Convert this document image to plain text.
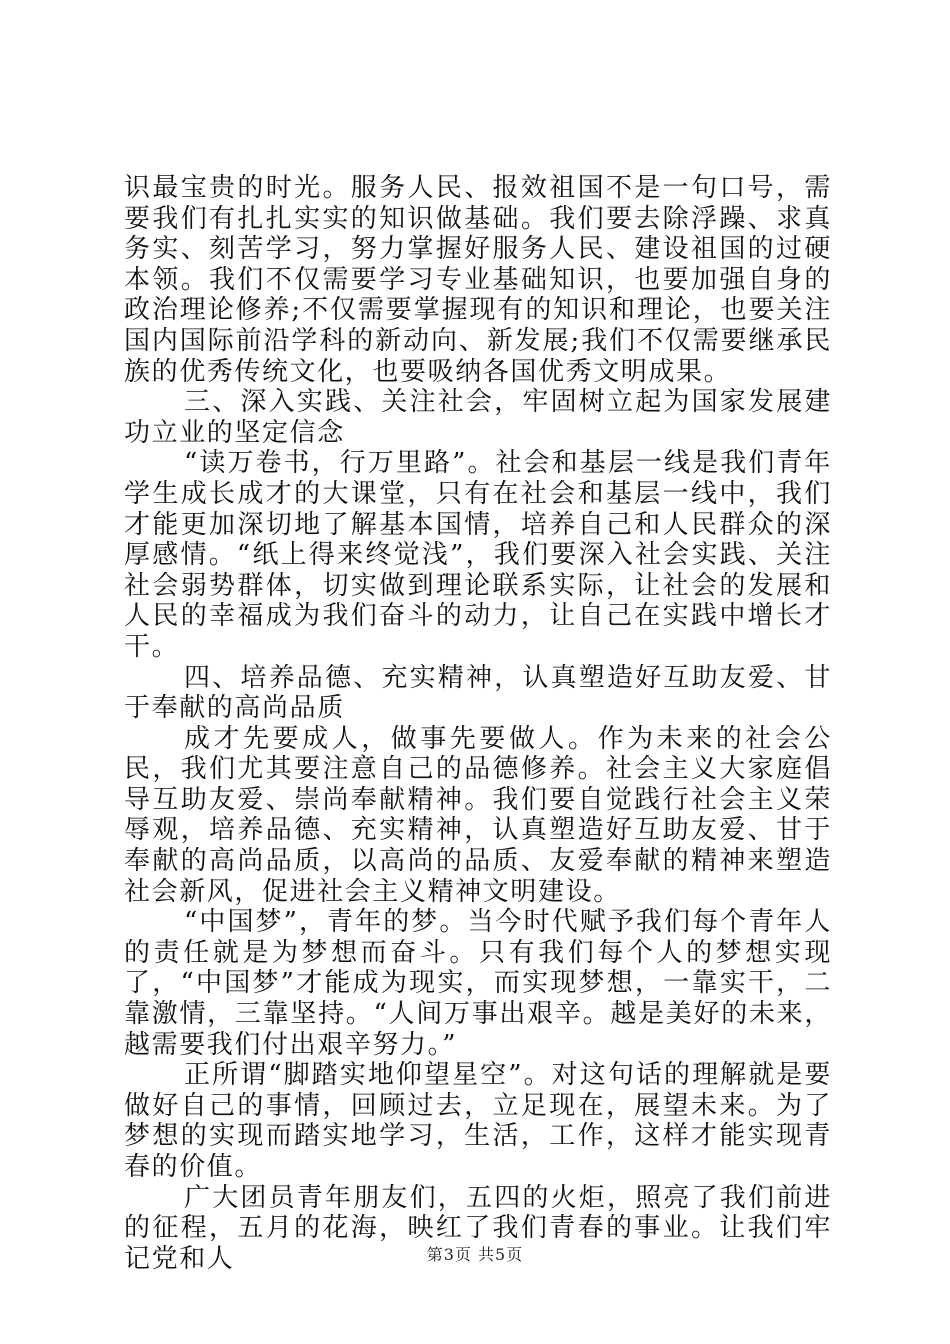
识最宝贵的时光。服务人民、报效祖国不是一句口号，需要我们有扎扎实实的知识做基础。我们要去除浮躁、求真务实、刻苦学习，努力掌握好服务人民、建设祖国的过硬本领。我们不仅需要学习专业基础知识，也要加强自身的政治理论修养;不仅需要掌握现有的知识和理论，也要关注国内国际前沿学科的新动向、新发展;我们不仅需要继承民族的优秀传统文化，也要吸纳各国优秀文明成果。

三、深入实践、关注社会，牢固树立起为国家发展建功立业的坚定信念

“读万卷书，行万里路”。社会和基层一线是我们青年学生成长成才的大课堂，只有在社会和基层一线中，我们才能更加深切地了解基本国情，培养自己和人民群众的深厚感情。“纸上得来终觉浅”，我们要深入社会实践、关注社会弱势群体，切实做到理论联系实际，让社会的发展和人民的幸福成为我们奋斗的动力，让自己在实践中增长才干。

四、培养品德、充实精神，认真塑造好互助友爱、甘于奉献的高尚品质

成才先要成人，做事先要做人。作为未来的社会公民，我们尤其要注意自己的品德修养。社会主义大家庭倡导互助友爱、崇尚奉献精神。我们要自觉践行社会主义荣辱观，培养品德、充实精神，认真塑造好互助友爱、甘于奉献的高尚品质，以高尚的品质、友爱奉献的精神来塑造社会新风，促进社会主义精神文明建设。

“中国梦”，青年的梦。当今时代赋予我们每个青年人的责任就是为梦想而奋斗。只有我们每个人的梦想实现了，“中国梦”才能成为现实，而实现梦想，一靠实干，二靠激情，三靠坚持。“人间万事出艰辛。越是美好的未来，越需要我们付出艰辛努力。”

正所谓“脚踏实地仰望星空”。对这句话的理解就是要做好自己的事情，回顾过去，立足现在，展望未来。为了梦想的实现而踏实地学习，生活，工作，这样才能实现青春的价值。

广大团员青年朋友们，五四的火炬，照亮了我们前进的征程，五月的花海，映红了我们青春的事业。让我们牢记党和人	第3页 共5页
